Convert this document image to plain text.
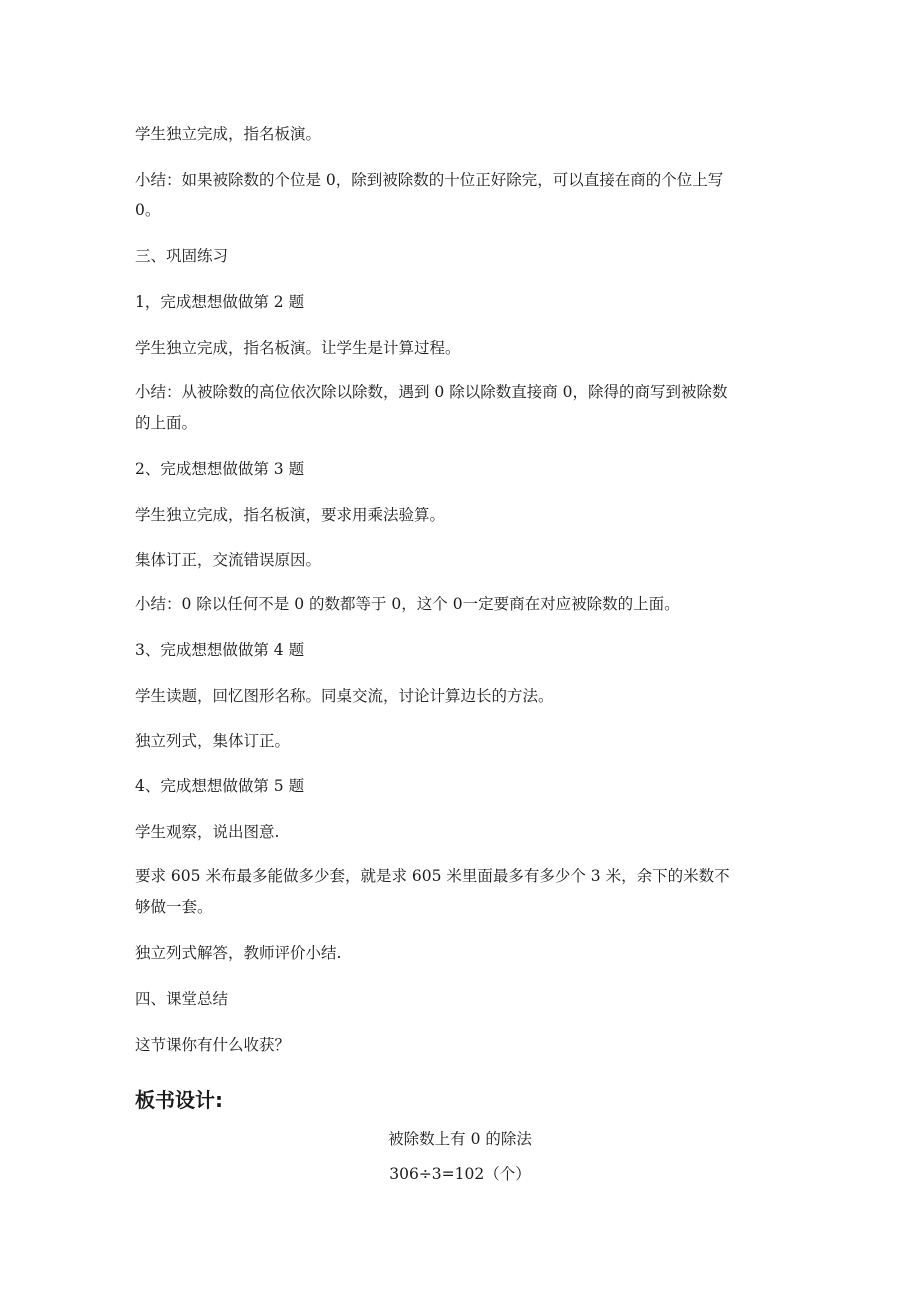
学生独立完成，指名板演。

小结：如果被除数的个位是 0，除到被除数的十位正好除完，可以直接在商的个位上写

0。

三、巩固练习

1，完成想想做做第 2 题

学生独立完成，指名板演。让学生是计算过程。

小结：从被除数的高位依次除以除数，遇到 0 除以除数直接商 0，除得的商写到被除数

的上面。

2、完成想想做做第 3 题

学生独立完成，指名板演，要求用乘法验算。

集体订正，交流错误原因。

小结：0 除以任何不是 0 的数都等于 0，这个 0一定要商在对应被除数的上面。

3、完成想想做做第 4 题

学生读题，回忆图形名称。同桌交流，讨论计算边长的方法。

独立列式，集体订正。

4、完成想想做做第 5 题

学生观察，说出图意.

要求 605 米布最多能做多少套，就是求 605 米里面最多有多少个 3 米，余下的米数不

够做一套。

独立列式解答，教师评价小结.

四、课堂总结

这节课你有什么收获？

板书设计:

被除数上有 0 的除法

306÷3=102（个）
